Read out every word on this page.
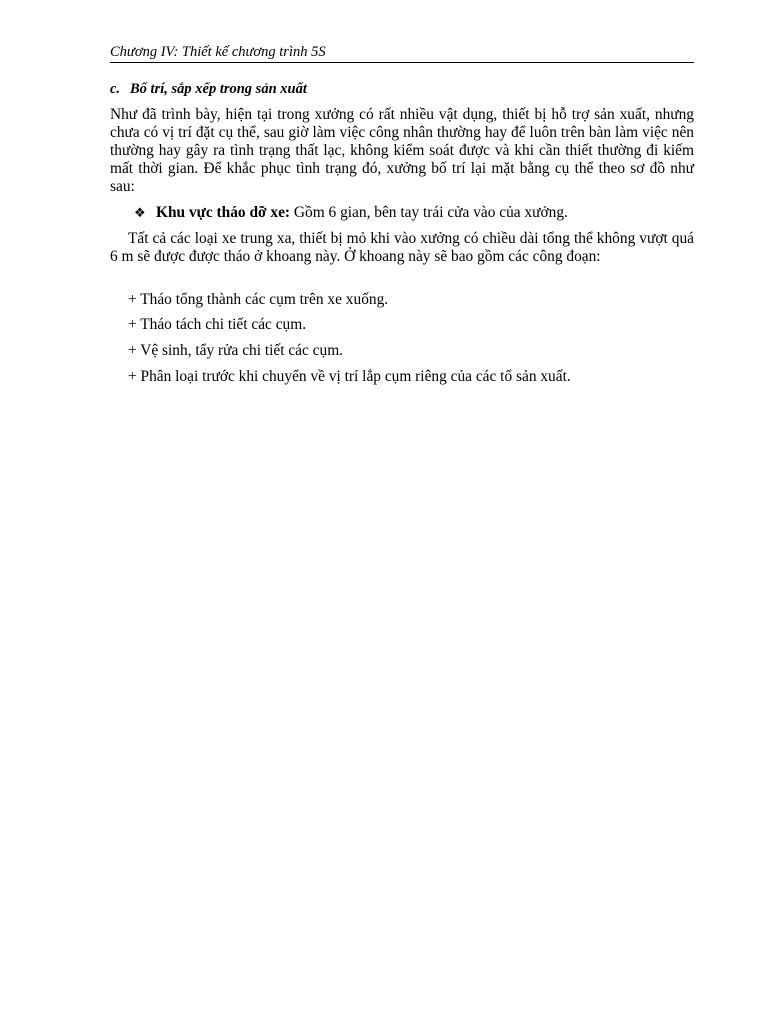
Chương IV: Thiết kế chương trình 5S
c. Bố trí, sắp xếp trong sản xuất

Như đã trình bày, hiện tại trong xưởng có rất nhiều vật dụng, thiết bị hỗ trợ sản xuất, nhưng chưa có vị trí đặt cụ thể, sau giờ làm việc công nhân thường hay để luôn trên bàn làm việc nên thường hay gây ra tình trạng thất lạc, không kiểm soát được và khi cần thiết thường đi kiếm mất thời gian. Để khắc phục tình trạng đó, xưởng bố trí lại mặt bằng cụ thể theo sơ đồ như sau:

❖ Khu vực tháo dỡ xe: Gồm 6 gian, bên tay trái cửa vào của xưởng.

Tất cả các loại xe trung xa, thiết bị mỏ khi vào xưởng có chiều dài tổng thể không vượt quá 6 m sẽ được được tháo ở khoang này. Ở khoang này sẽ bao gồm các công đoạn:

+ Tháo tổng thành các cụm trên xe xuống.
+ Tháo tách chi tiết các cụm.
+ Vệ sinh, tẩy rửa chi tiết các cụm.
+ Phân loại trước khi chuyển về vị trí lắp cụm riêng của các tổ sản xuất.
